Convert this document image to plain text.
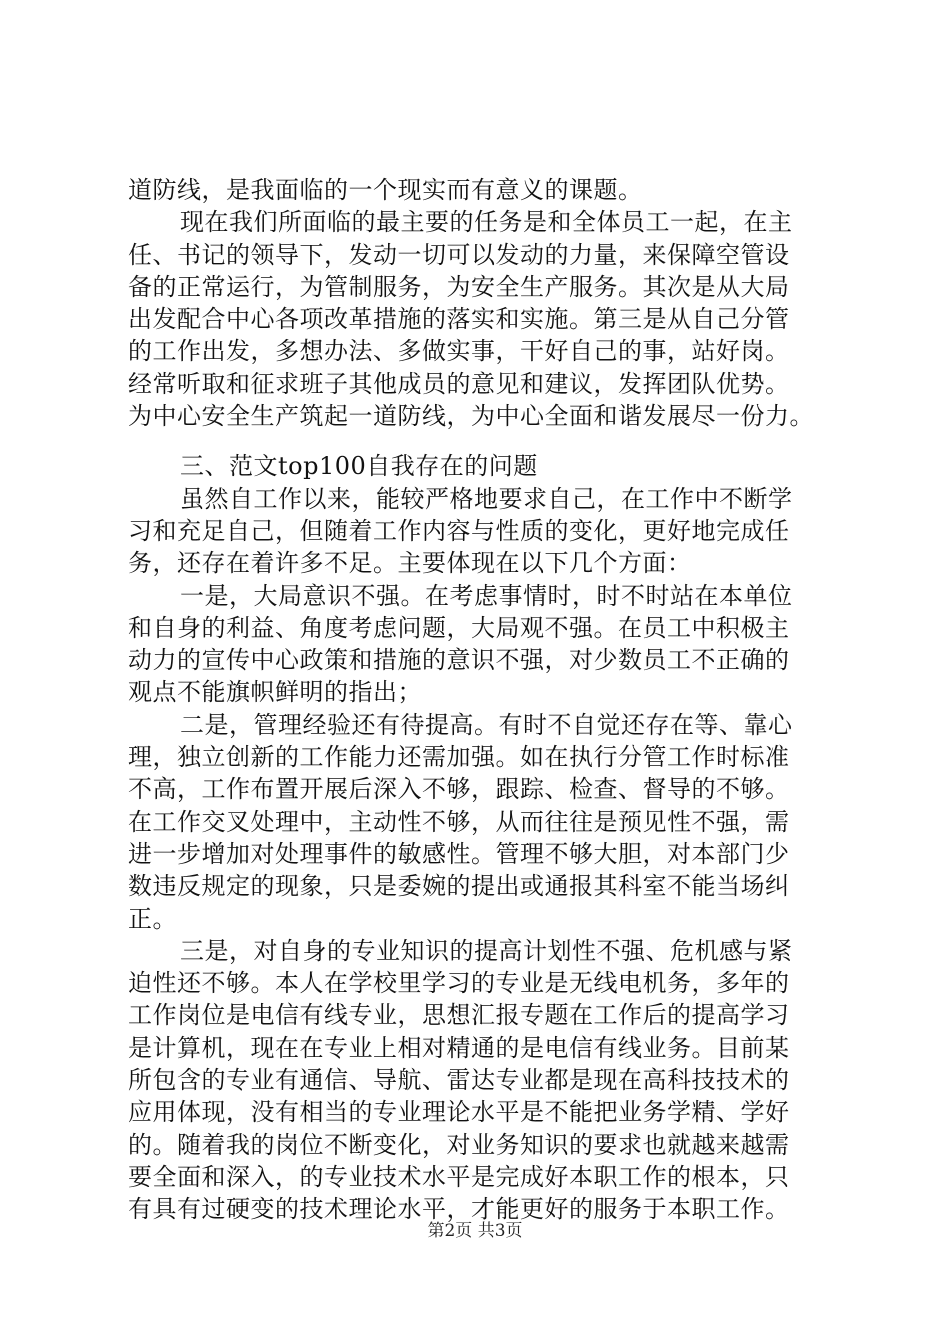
道防线，是我面临的一个现实而有意义的课题。
现在我们所面临的最主要的任务是和全体员工一起，在主
任、书记的领导下，发动一切可以发动的力量，来保障空管设
备的正常运行，为管制服务，为安全生产服务。其次是从大局
出发配合中心各项改革措施的落实和实施。第三是从自己分管
的工作出发，多想办法、多做实事，干好自己的事，站好岗。
经常听取和征求班子其他成员的意见和建议，发挥团队优势。
为中心安全生产筑起一道防线，为中心全面和谐发展尽一份力。
三、范文top100自我存在的问题
虽然自工作以来，能较严格地要求自己，在工作中不断学
习和充足自己，但随着工作内容与性质的变化，更好地完成任
务，还存在着许多不足。主要体现在以下几个方面：
一是，大局意识不强。在考虑事情时，时不时站在本单位
和自身的利益、角度考虑问题，大局观不强。在员工中积极主
动力的宣传中心政策和措施的意识不强，对少数员工不正确的
观点不能旗帜鲜明的指出；
二是，管理经验还有待提高。有时不自觉还存在等、靠心
理，独立创新的工作能力还需加强。如在执行分管工作时标准
不高，工作布置开展后深入不够，跟踪、检查、督导的不够。
在工作交叉处理中，主动性不够，从而往往是预见性不强，需
进一步增加对处理事件的敏感性。管理不够大胆，对本部门少
数违反规定的现象，只是委婉的提出或通报其科室不能当场纠
正。
三是，对自身的专业知识的提高计划性不强、危机感与紧
迫性还不够。本人在学校里学习的专业是无线电机务，多年的
工作岗位是电信有线专业，思想汇报专题在工作后的提高学习
是计算机，现在在专业上相对精通的是电信有线业务。目前某
所包含的专业有通信、导航、雷达专业都是现在高科技技术的
应用体现，没有相当的专业理论水平是不能把业务学精、学好
的。随着我的岗位不断变化，对业务知识的要求也就越来越需
要全面和深入，的专业技术水平是完成好本职工作的根本，只
有具有过硬变的技术理论水平，才能更好的服务于本职工作。
第2页 共3页
